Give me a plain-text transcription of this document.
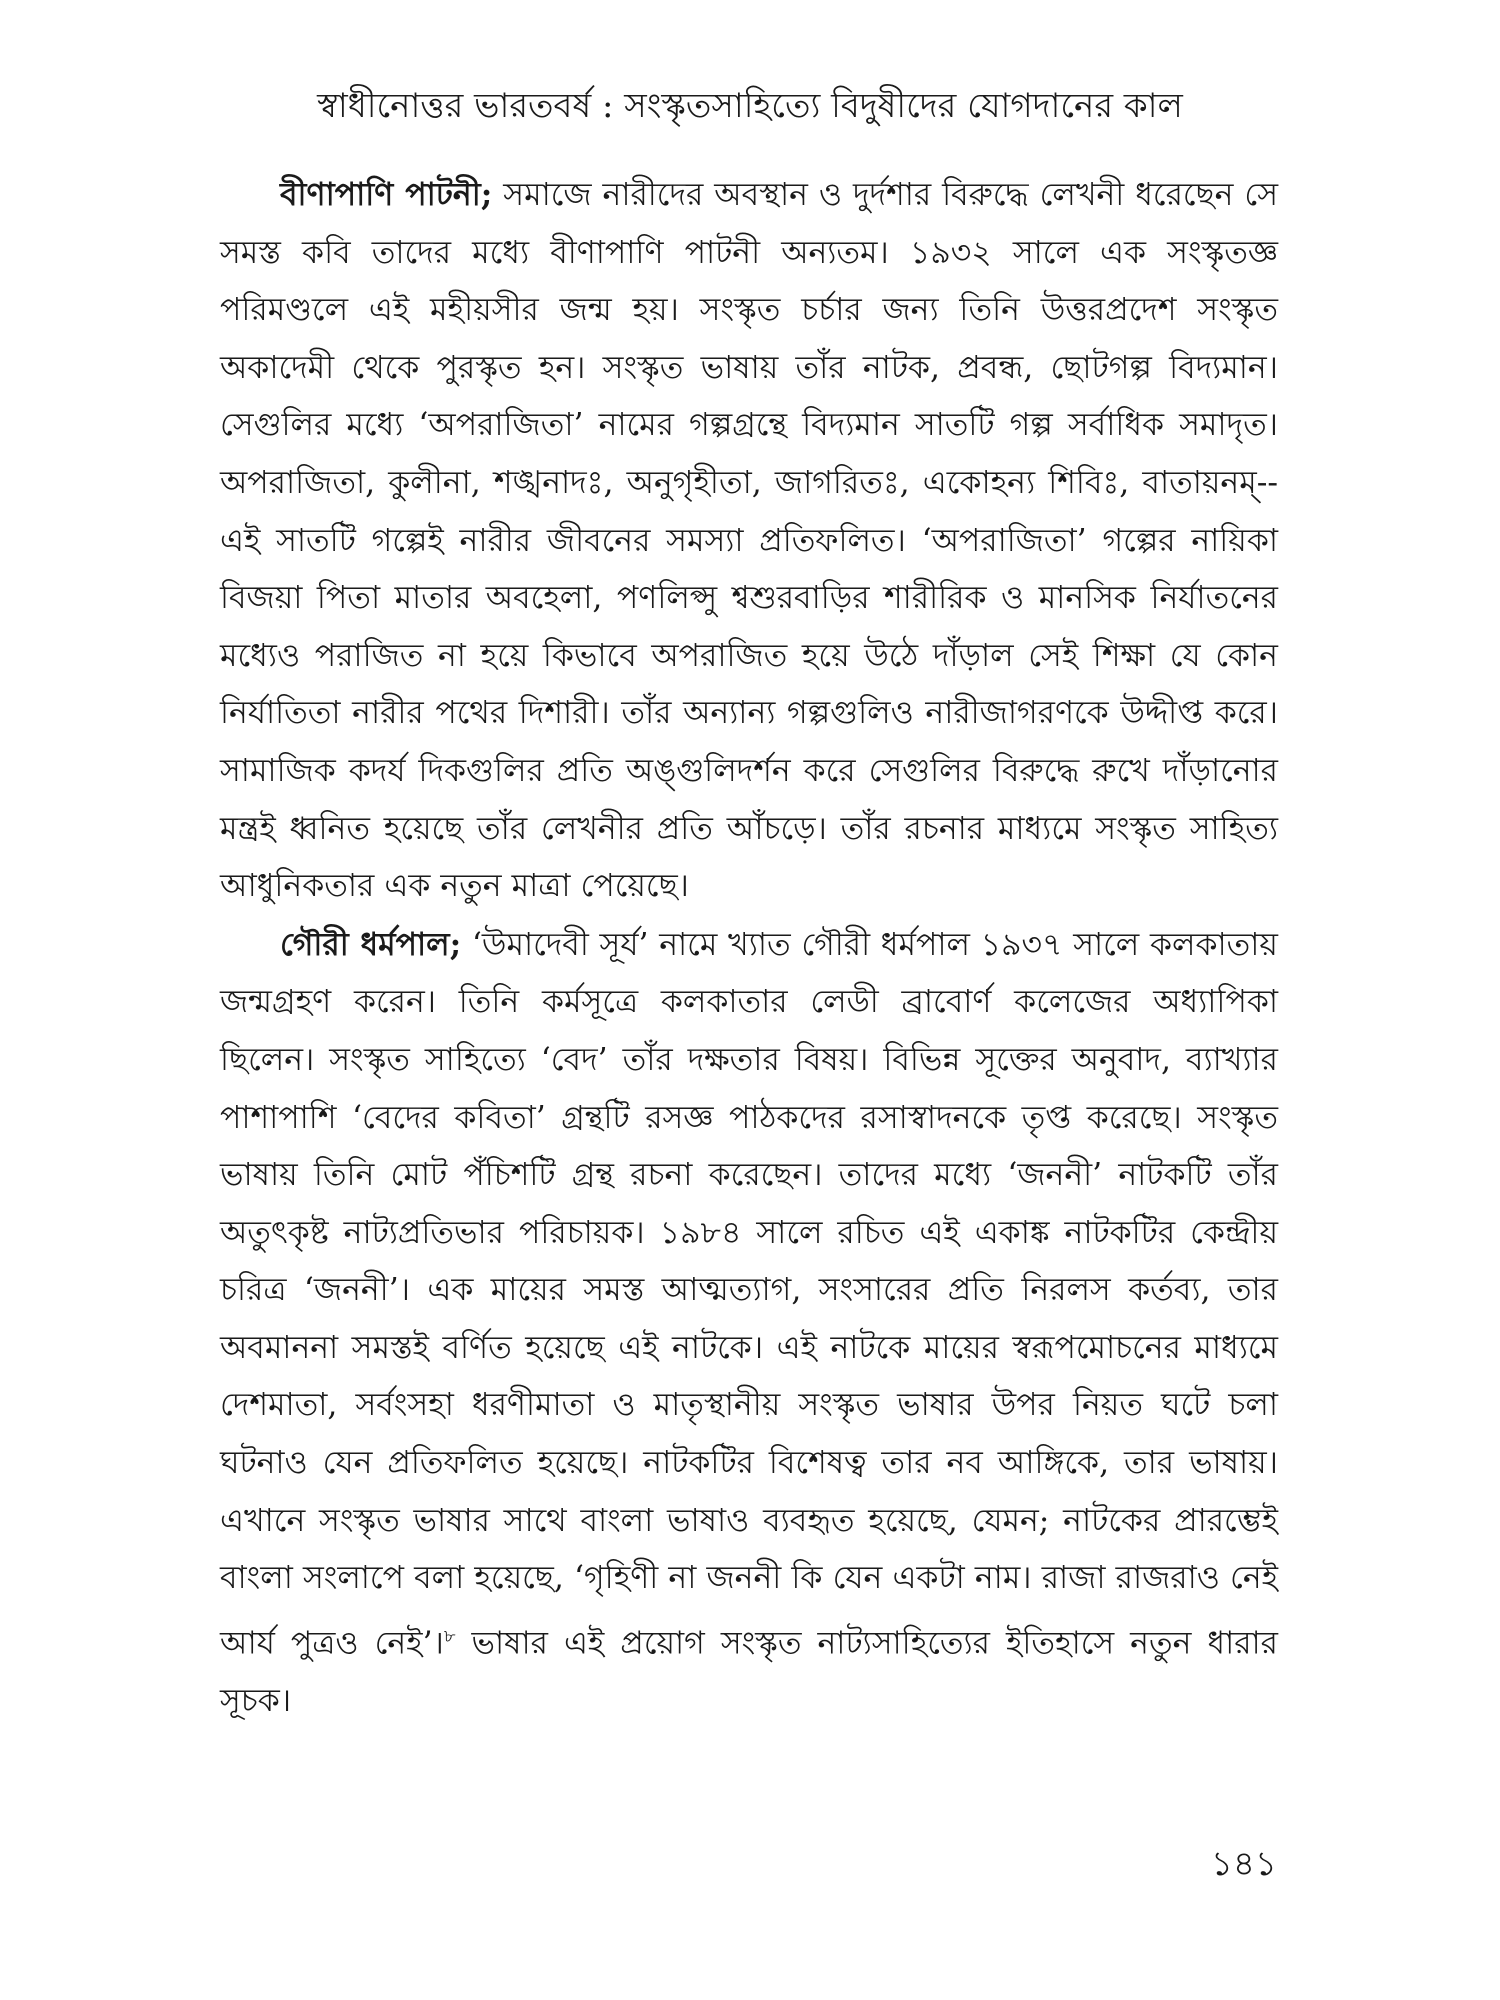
স্বাধীনোত্তর ভারতবর্ষ : সংস্কৃতসাহিত্যে বিদুষীদের যোগদানের কাল

বীণাপাণি পাটনী; সমাজে নারীদের অবস্থান ও দুর্দশার বিরুদ্ধে লেখনী ধরেছেন সে সমস্ত কবি তাদের মধ্যে বীণাপাণি পাটনী অন্যতম। ১৯৩২ সালে এক সংস্কৃতজ্ঞ পরিমণ্ডলে এই মহীয়সীর জন্ম হয়। সংস্কৃত চর্চার জন্য তিনি উত্তরপ্রদেশ সংস্কৃত অকাদেমী থেকে পুরস্কৃত হন। সংস্কৃত ভাষায় তাঁর নাটক, প্রবন্ধ, ছোটগল্প বিদ্যমান। সেগুলির মধ্যে ‘অপরাজিতা’ নামের গল্পগ্রন্থে বিদ্যমান সাতটি গল্প সর্বাধিক সমাদৃত। অপরাজিতা, কুলীনা, শঙ্খনাদঃ, অনুগৃহীতা, জাগরিতঃ, একোহন্য শিবিঃ, বাতায়নম্-- এই সাতটি গল্পেই নারীর জীবনের সমস্যা প্রতিফলিত। ‘অপরাজিতা’ গল্পের নায়িকা বিজয়া পিতা মাতার অবহেলা, পণলিপ্সু শ্বশুরবাড়ির শারীরিক ও মানসিক নির্যাতনের মধ্যেও পরাজিত না হয়ে কিভাবে অপরাজিত হয়ে উঠে দাঁড়াল সেই শিক্ষা যে কোন নির্যাতিতা নারীর পথের দিশারী। তাঁর অন্যান্য গল্পগুলিও নারীজাগরণকে উদ্দীপ্ত করে। সামাজিক কদর্য দিকগুলির প্রতি অঙ্গুলিদর্শন করে সেগুলির বিরুদ্ধে রুখে দাঁড়ানোর মন্ত্রই ধ্বনিত হয়েছে তাঁর লেখনীর প্রতি আঁচড়ে। তাঁর রচনার মাধ্যমে সংস্কৃত সাহিত্য আধুনিকতার এক নতুন মাত্রা পেয়েছে।

গৌরী ধর্মপাল; ‘উমাদেবী সূর্য’ নামে খ্যাত গৌরী ধর্মপাল ১৯৩৭ সালে কলকাতায় জন্মগ্রহণ করেন। তিনি কর্মসূত্রে কলকাতার লেডী ব্রাবোর্ণ কলেজের অধ্যাপিকা ছিলেন। সংস্কৃত সাহিত্যে ‘বেদ’ তাঁর দক্ষতার বিষয়। বিভিন্ন সূক্তের অনুবাদ, ব্যাখ্যার পাশাপাশি ‘বেদের কবিতা’ গ্রন্থটি রসজ্ঞ পাঠকদের রসাস্বাদনকে তৃপ্ত করেছে। সংস্কৃত ভাষায় তিনি মোট পঁচিশটি গ্রন্থ রচনা করেছেন। তাদের মধ্যে ‘জননী’ নাটকটি তাঁর অতুৎকৃষ্ট নাট্যপ্রতিভার পরিচায়ক। ১৯৮৪ সালে রচিত এই একাঙ্ক নাটকটির কেন্দ্রীয় চরিত্র ‘জননী’। এক মায়ের সমস্ত আত্মত্যাগ, সংসারের প্রতি নিরলস কর্তব্য, তার অবমাননা সমস্তই বর্ণিত হয়েছে এই নাটকে। এই নাটকে মায়ের স্বরূপমোচনের মাধ্যমে দেশমাতা, সর্বংসহা ধরণীমাতা ও মাতৃস্থানীয় সংস্কৃত ভাষার উপর নিয়ত ঘটে চলা ঘটনাও যেন প্রতিফলিত হয়েছে। নাটকটির বিশেষত্ব তার নব আঙ্গিকে, তার ভাষায়। এখানে সংস্কৃত ভাষার সাথে বাংলা ভাষাও ব্যবহৃত হয়েছে, যেমন; নাটকের প্রারম্ভেই বাংলা সংলাপে বলা হয়েছে, ‘গৃহিণী না জননী কি যেন একটা নাম। রাজা রাজরাও নেই আর্য পুত্রও নেই’।$^৮$ ভাষার এই প্রয়োগ সংস্কৃত নাট্যসাহিত্যের ইতিহাসে নতুন ধারার সূচক।

১৪১
